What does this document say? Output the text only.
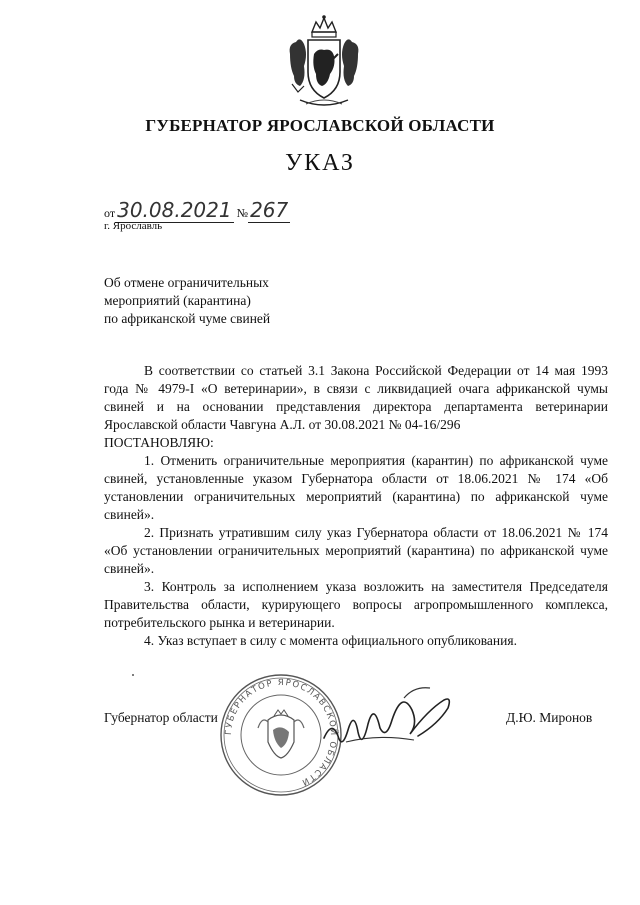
ГУБЕРНАТОР ЯРОСЛАВСКОЙ ОБЛАСТИ
УКАЗ
от 30.08.2021 № 267
г. Ярославль
Об отмене ограничительных
мероприятий (карантина)
по африканской чуме свиней

В соответствии со статьей 3.1 Закона Российской Федерации от 14 мая 1993 года № 4979-I «О ветеринарии», в связи с ликвидацией очага африканской чумы свиней и на основании представления директора департамента ветеринарии Ярославской области Чавгуна А.Л. от 30.08.2021 № 04-16/296

ПОСТАНОВЛЯЮ:

1. Отменить ограничительные мероприятия (карантин) по африканской чуме свиней, установленные указом Губернатора области от 18.06.2021 № 174 «Об установлении ограничительных мероприятий (карантина) по африканской чуме свиней».

2. Признать утратившим силу указ Губернатора области от 18.06.2021 № 174 «Об установлении ограничительных мероприятий (карантина) по африканской чуме свиней».

3. Контроль за исполнением указа возложить на заместителя Председателя Правительства области, курирующего вопросы агропромышленного комплекса, потребительского рынка и ветеринарии.

4. Указ вступает в силу с момента официального опубликования.

ГУБЕРНАТОР ЯРОСЛАВСКОЙ ОБЛАСТИ
Губернатор области	Д.Ю. Миронов
